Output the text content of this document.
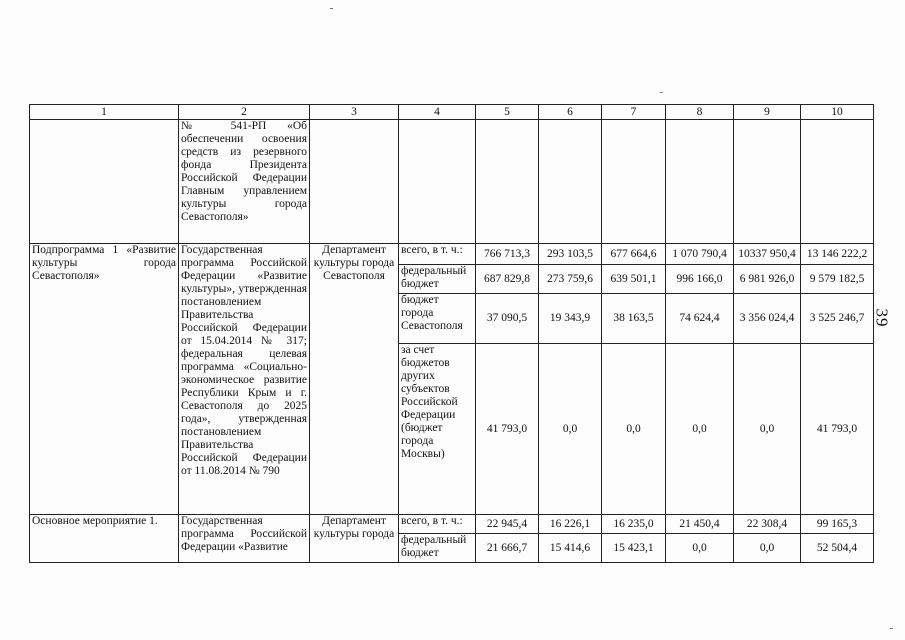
1	2	3	4	5	6	7	8	9	10
	№ 541-РП «Об обеспечении освоения средств из резервного фонда Президента Российской Федерации Главным управлением культуры города Севастополя»								
Подпрограмма 1 «Развитие культуры города Севастополя»	Государственная программа Российской Федерации «Развитие культуры», утвержденная постановлением Правительства Российской Федерации от 15.04.2014 № 317; федеральная целевая программа «Социально-экономическое развитие Республики Крым и г. Севастополя до 2025 года», утвержденная постановлением Правительства Российской Федерации от 11.08.2014 № 790	Департамент культуры города Севастополя	всего, в т. ч.:	766 713,3	293 103,5	677 664,6	1 070 790,4	10337 950,4	13 146 222,2
			федеральный бюджет	687 829,8	273 759,6	639 501,1	996 166,0	6 981 926,0	9 579 182,5
			бюджет города Севастополя	37 090,5	19 343,9	38 163,5	74 624,4	3 356 024,4	3 525 246,7
			за счет бюджетов других субъектов Российской Федерации (бюджет города Москвы)	41 793,0	0,0	0,0	0,0	0,0	41 793,0
Основное мероприятие 1.	Государственная программа Российской Федерации «Развитие	Департамент культуры города	всего, в т. ч.:	22 945,4	16 226,1	16 235,0	21 450,4	22 308,4	99 165,3
			федеральный бюджет	21 666,7	15 414,6	15 423,1	0,0	0,0	52 504,4
39
